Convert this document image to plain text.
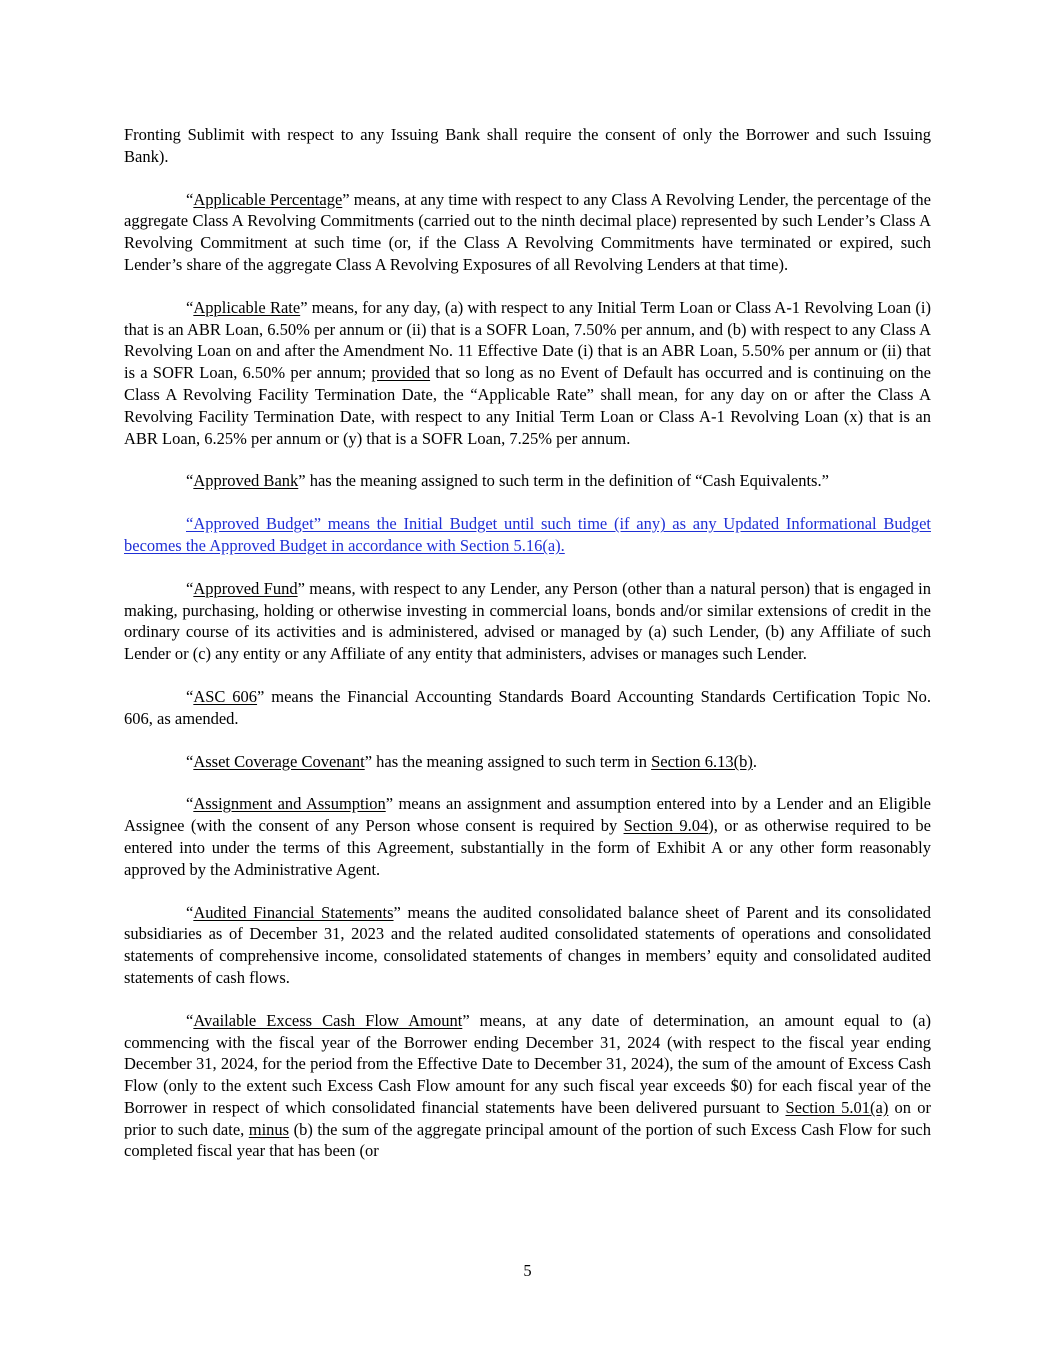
Fronting Sublimit with respect to any Issuing Bank shall require the consent of only the Borrower and such Issuing Bank).

“Applicable Percentage” means, at any time with respect to any Class A Revolving Lender, the percentage of the aggregate Class A Revolving Commitments (carried out to the ninth decimal place) represented by such Lender’s Class A Revolving Commitment at such time (or, if the Class A Revolving Commitments have terminated or expired, such Lender’s share of the aggregate Class A Revolving Exposures of all Revolving Lenders at that time).

“Applicable Rate” means, for any day, (a) with respect to any Initial Term Loan or Class A-1 Revolving Loan (i) that is an ABR Loan, 6.50% per annum or (ii) that is a SOFR Loan, 7.50% per annum, and (b) with respect to any Class A Revolving Loan on and after the Amendment No. 11 Effective Date (i) that is an ABR Loan, 5.50% per annum or (ii) that is a SOFR Loan, 6.50% per annum; provided that so long as no Event of Default has occurred and is continuing on the Class A Revolving Facility Termination Date, the “Applicable Rate” shall mean, for any day on or after the Class A Revolving Facility Termination Date, with respect to any Initial Term Loan or Class A-1 Revolving Loan (x) that is an ABR Loan, 6.25% per annum or (y) that is a SOFR Loan, 7.25% per annum.

“Approved Bank” has the meaning assigned to such term in the definition of “Cash Equivalents.”

“Approved Budget” means the Initial Budget until such time (if any) as any Updated Informational Budget becomes the Approved Budget in accordance with Section 5.16(a).

“Approved Fund” means, with respect to any Lender, any Person (other than a natural person) that is engaged in making, purchasing, holding or otherwise investing in commercial loans, bonds and/or similar extensions of credit in the ordinary course of its activities and is administered, advised or managed by (a) such Lender, (b) any Affiliate of such Lender or (c) any entity or any Affiliate of any entity that administers, advises or manages such Lender.

“ASC 606” means the Financial Accounting Standards Board Accounting Standards Certification Topic No. 606, as amended.

“Asset Coverage Covenant” has the meaning assigned to such term in Section 6.13(b).

“Assignment and Assumption” means an assignment and assumption entered into by a Lender and an Eligible Assignee (with the consent of any Person whose consent is required by Section 9.04), or as otherwise required to be entered into under the terms of this Agreement, substantially in the form of Exhibit A or any other form reasonably approved by the Administrative Agent.

“Audited Financial Statements” means the audited consolidated balance sheet of Parent and its consolidated subsidiaries as of December 31, 2023 and the related audited consolidated statements of operations and consolidated statements of comprehensive income, consolidated statements of changes in members’ equity and consolidated audited statements of cash flows.

“Available Excess Cash Flow Amount” means, at any date of determination, an amount equal to (a) commencing with the fiscal year of the Borrower ending December 31, 2024 (with respect to the fiscal year ending December 31, 2024, for the period from the Effective Date to December 31, 2024), the sum of the amount of Excess Cash Flow (only to the extent such Excess Cash Flow amount for any such fiscal year exceeds $0) for each fiscal year of the Borrower in respect of which consolidated financial statements have been delivered pursuant to Section 5.01(a) on or prior to such date, minus (b) the sum of the aggregate principal amount of the portion of such Excess Cash Flow for such completed fiscal year that has been (or

5
